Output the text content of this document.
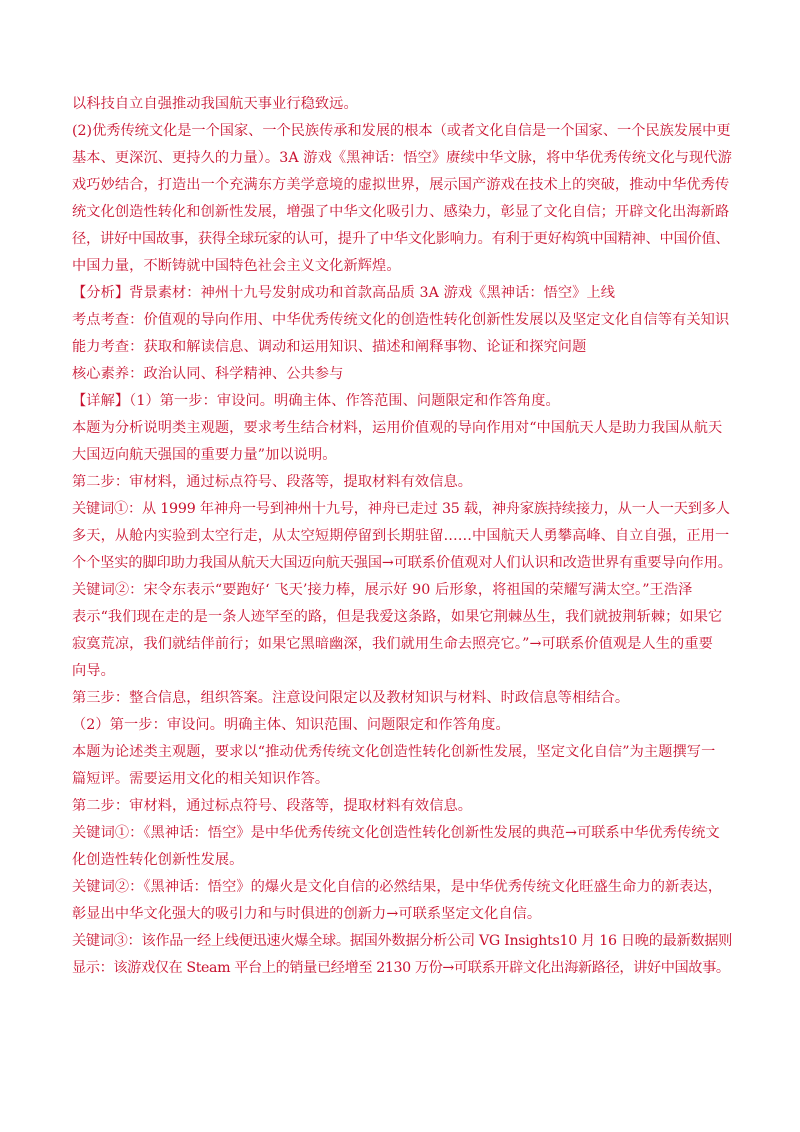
以科技自立自强推动我国航天事业行稳致远。
(2)优秀传统文化是一个国家、一个民族传承和发展的根本（或者文化自信是一个国家、一个民族发展中更
基本、更深沉、更持久的力量）。3A 游戏《黑神话：悟空》赓续中华文脉，将中华优秀传统文化与现代游
戏巧妙结合，打造出一个充满东方美学意境的虚拟世界，展示国产游戏在技术上的突破，推动中华优秀传
统文化创造性转化和创新性发展，增强了中华文化吸引力、感染力，彰显了文化自信；开辟文化出海新路
径，讲好中国故事，获得全球玩家的认可，提升了中华文化影响力。有利于更好构筑中国精神、中国价值、
中国力量，不断铸就中国特色社会主义文化新辉煌。
【分析】背景素材：神州十九号发射成功和首款高品质 3A 游戏《黑神话：悟空》上线
考点考查：价值观的导向作用、中华优秀传统文化的创造性转化创新性发展以及坚定文化自信等有关知识
能力考查：获取和解读信息、调动和运用知识、描述和阐释事物、论证和探究问题
核心素养：政治认同、科学精神、公共参与
【详解】（1）第一步：审设问。明确主体、作答范围、问题限定和作答角度。
本题为分析说明类主观题，要求考生结合材料，运用价值观的导向作用对“中国航天人是助力我国从航天
大国迈向航天强国的重要力量”加以说明。
第二步：审材料，通过标点符号、段落等，提取材料有效信息。
关键词①：从 1999 年神舟一号到神州十九号，神舟已走过 35 载，神舟家族持续接力，从一人一天到多人
多天，从舱内实验到太空行走，从太空短期停留到长期驻留……中国航天人勇攀高峰、自立自强，正用一
个个坚实的脚印助力我国从航天大国迈向航天强国→可联系价值观对人们认识和改造世界有重要导向作用。
关键词②：宋令东表示“要跑好‘ 飞天’接力棒，展示好 90 后形象，将祖国的荣耀写满太空。”王浩泽
表示“我们现在走的是一条人迹罕至的路，但是我爱这条路，如果它荆棘丛生，我们就披荆斩棘；如果它
寂寞荒凉，我们就结伴前行；如果它黑暗幽深，我们就用生命去照亮它。”→可联系价值观是人生的重要
向导。
第三步：整合信息，组织答案。注意设问限定以及教材知识与材料、时政信息等相结合。
（2）第一步：审设问。明确主体、知识范围、问题限定和作答角度。
本题为论述类主观题，要求以“推动优秀传统文化创造性转化创新性发展，坚定文化自信”为主题撰写一
篇短评。需要运用文化的相关知识作答。
第二步：审材料，通过标点符号、段落等，提取材料有效信息。
关键词①：《黑神话：悟空》是中华优秀传统文化创造性转化创新性发展的典范→可联系中华优秀传统文
化创造性转化创新性发展。
关键词②：《黑神话：悟空》的爆火是文化自信的必然结果，是中华优秀传统文化旺盛生命力的新表达，
彰显出中华文化强大的吸引力和与时俱进的创新力→可联系坚定文化自信。
关键词③：该作品一经上线便迅速火爆全球。据国外数据分析公司 VG Insights10 月 16 日晚的最新数据则
显示：该游戏仅在 Steam 平台上的销量已经增至 2130 万份→可联系开辟文化出海新路径，讲好中国故事。
